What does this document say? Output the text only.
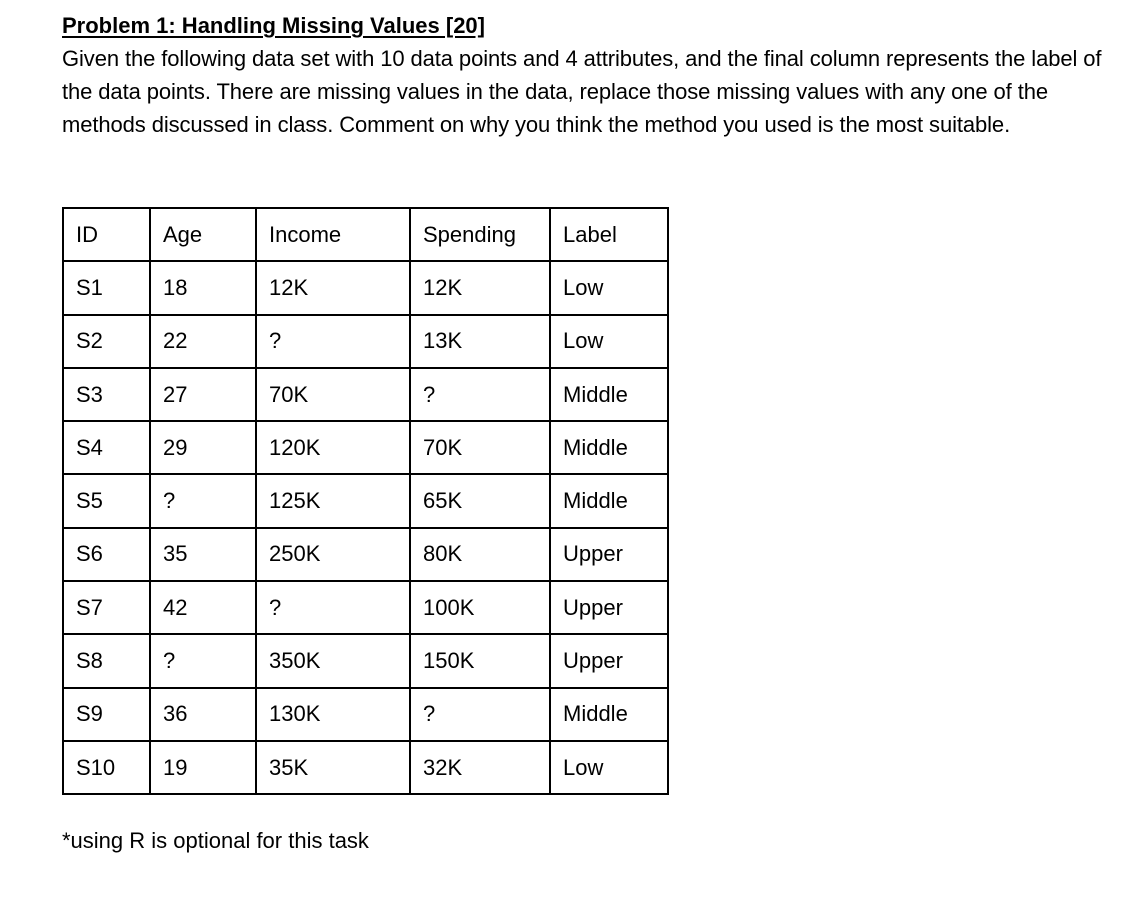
Problem 1: Handling Missing Values [20]

Given the following data set with 10 data points and 4 attributes, and the final column represents the label of the data points. There are missing values in the data, replace those missing values with any one of the methods discussed in class. Comment on why you think the method you used is the most suitable.

ID	Age	Income	Spending	Label
S1	18	12K	12K	Low
S2	22	?	13K	Low
S3	27	70K	?	Middle
S4	29	120K	70K	Middle
S5	?	125K	65K	Middle
S6	35	250K	80K	Upper
S7	42	?	100K	Upper
S8	?	350K	150K	Upper
S9	36	130K	?	Middle
S10	19	35K	32K	Low

*using R is optional for this task
